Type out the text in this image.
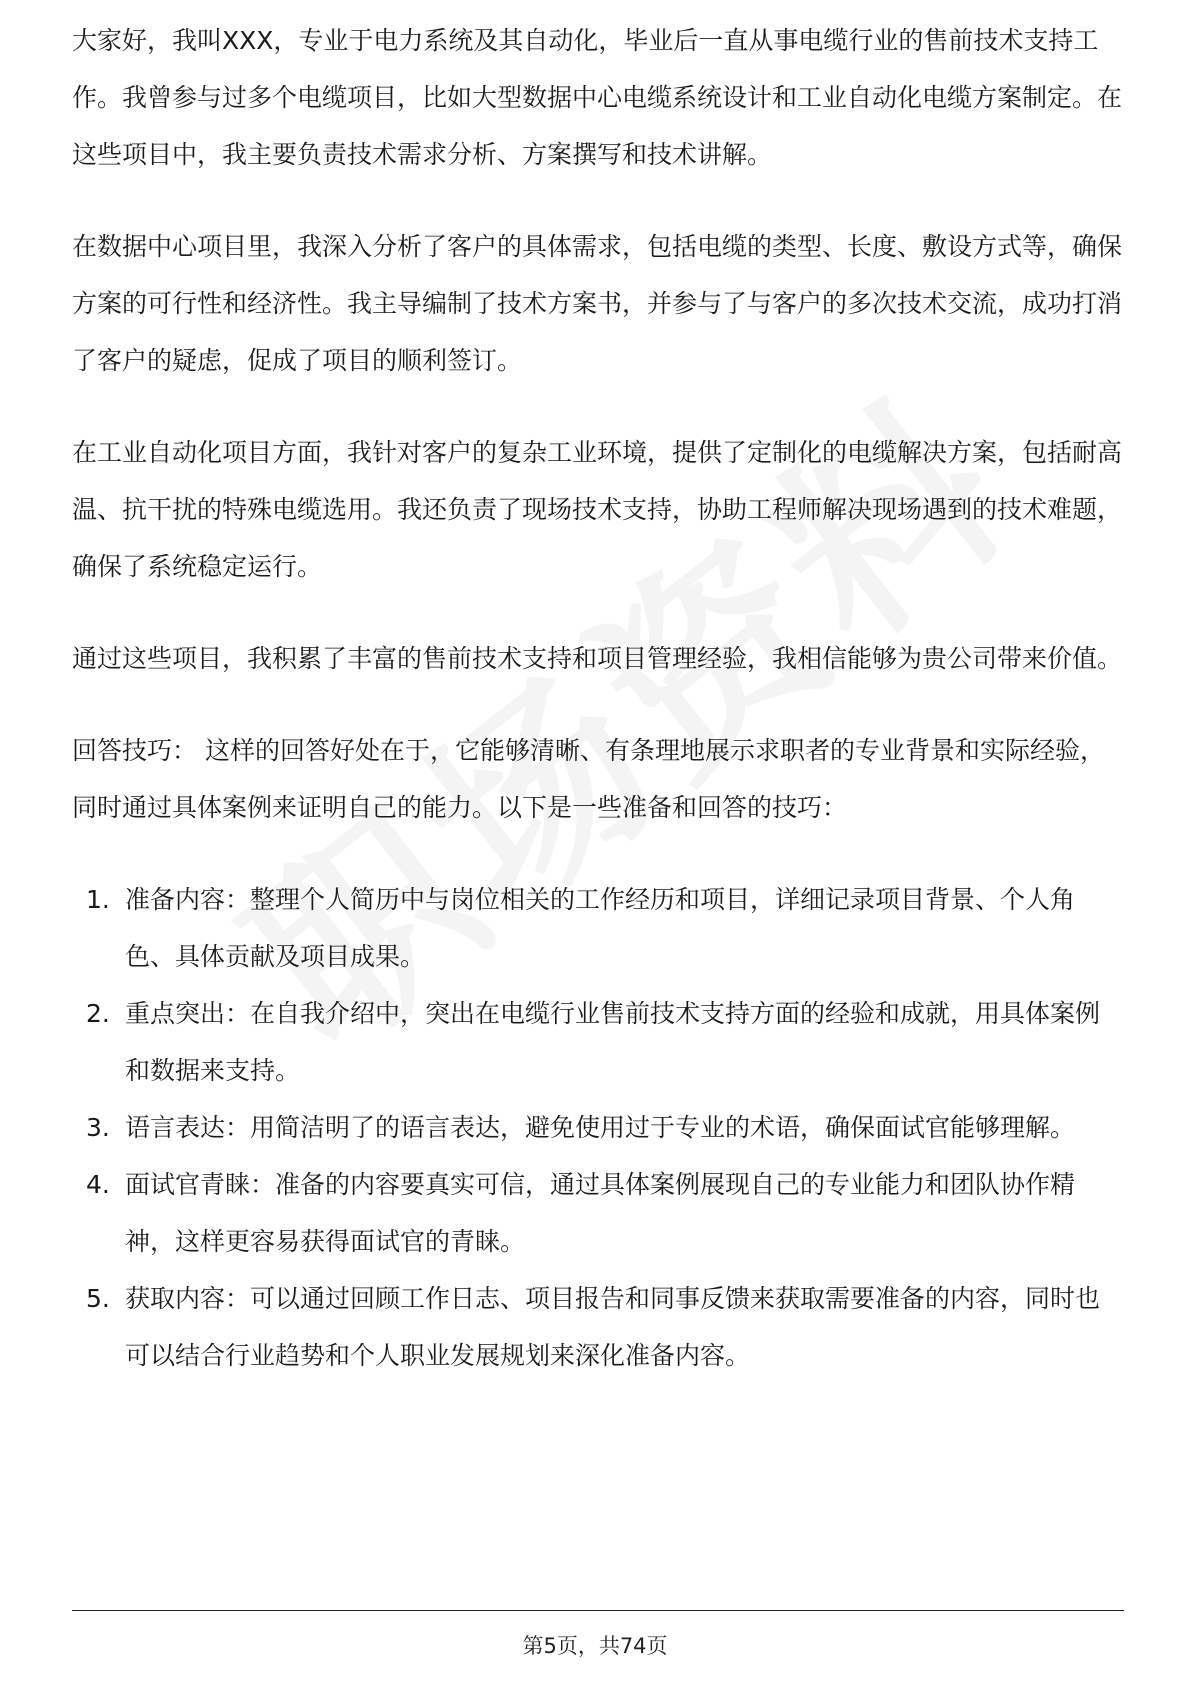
大家好，我叫XXX，专业于电力系统及其自动化，毕业后一直从事电缆行业的售前技术支持工作。我曾参与过多个电缆项目，比如大型数据中心电缆系统设计和工业自动化电缆方案制定。在这些项目中，我主要负责技术需求分析、方案撰写和技术讲解。

在数据中心项目里，我深入分析了客户的具体需求，包括电缆的类型、长度、敷设方式等，确保方案的可行性和经济性。我主导编制了技术方案书，并参与了与客户的多次技术交流，成功打消了客户的疑虑，促成了项目的顺利签订。

在工业自动化项目方面，我针对客户的复杂工业环境，提供了定制化的电缆解决方案，包括耐高温、抗干扰的特殊电缆选用。我还负责了现场技术支持，协助工程师解决现场遇到的技术难题，确保了系统稳定运行。

通过这些项目，我积累了丰富的售前技术支持和项目管理经验，我相信能够为贵公司带来价值。

回答技巧： 这样的回答好处在于，它能够清晰、有条理地展示求职者的专业背景和实际经验，同时通过具体案例来证明自己的能力。以下是一些准备和回答的技巧：

1. 准备内容：整理个人简历中与岗位相关的工作经历和项目，详细记录项目背景、个人角色、具体贡献及项目成果。
2. 重点突出：在自我介绍中，突出在电缆行业售前技术支持方面的经验和成就，用具体案例和数据来支持。
3. 语言表达：用简洁明了的语言表达，避免使用过于专业的术语，确保面试官能够理解。
4. 面试官青睐：准备的内容要真实可信，通过具体案例展现自己的专业能力和团队协作精神，这样更容易获得面试官的青睐。
5. 获取内容：可以通过回顾工作日志、项目报告和同事反馈来获取需要准备的内容，同时也可以结合行业趋势和个人职业发展规划来深化准备内容。
第5页，共74页
